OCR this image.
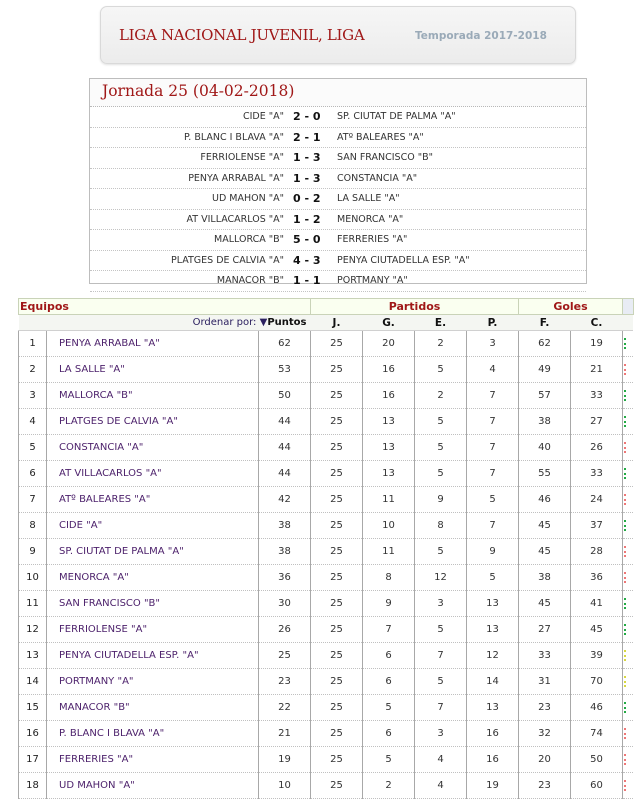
LIGA NACIONAL JUVENIL, LIGA	Temporada 2017-2018
Jornada 25 (04-02-2018)
CIDE "A" 2 - 0 SP. CIUTAT DE PALMA "A"
P. BLANC I BLAVA "A" 2 - 1 ATº BALEARES "A"
FERRIOLENSE "A" 1 - 3 SAN FRANCISCO "B"
PENYA ARRABAL "A" 1 - 3 CONSTANCIA "A"
UD MAHON "A" 0 - 2 LA SALLE "A"
AT VILLACARLOS "A" 1 - 2 MENORCA "A"
MALLORCA "B" 5 - 0 FERRERIES "A"
PLATGES DE CALVIA "A" 4 - 3 PENYA CIUTADELLA ESP. "A"
MANACOR "B" 1 - 1 PORTMANY "A"
Equipos			Partidos				Goles		
Ordenar por: ▼Puntos			J.	G.	E.	P.	F.	C.	
1	PENYA ARRABAL "A"	62	25	20	2	3	62	19	

2	LA SALLE "A"	53	25	16	5	4	49	21	

3	MALLORCA "B"	50	25	16	2	7	57	33	

4	PLATGES DE CALVIA "A"	44	25	13	5	7	38	27	

5	CONSTANCIA "A"	44	25	13	5	7	40	26	

6	AT VILLACARLOS "A"	44	25	13	5	7	55	33	

7	ATº BALEARES "A"	42	25	11	9	5	46	24	

8	CIDE "A"	38	25	10	8	7	45	37	

9	SP. CIUTAT DE PALMA "A"	38	25	11	5	9	45	28	

10	MENORCA "A"	36	25	8	12	5	38	36	

11	SAN FRANCISCO "B"	30	25	9	3	13	45	41	

12	FERRIOLENSE "A"	26	25	7	5	13	27	45	

13	PENYA CIUTADELLA ESP. "A"	25	25	6	7	12	33	39	

14	PORTMANY "A"	23	25	6	5	14	31	70	

15	MANACOR "B"	22	25	5	7	13	23	46	

16	P. BLANC I BLAVA "A"	21	25	6	3	16	32	74	

17	FERRERIES "A"	19	25	5	4	16	20	50	

18	UD MAHON "A"	10	25	2	4	19	23	60	
